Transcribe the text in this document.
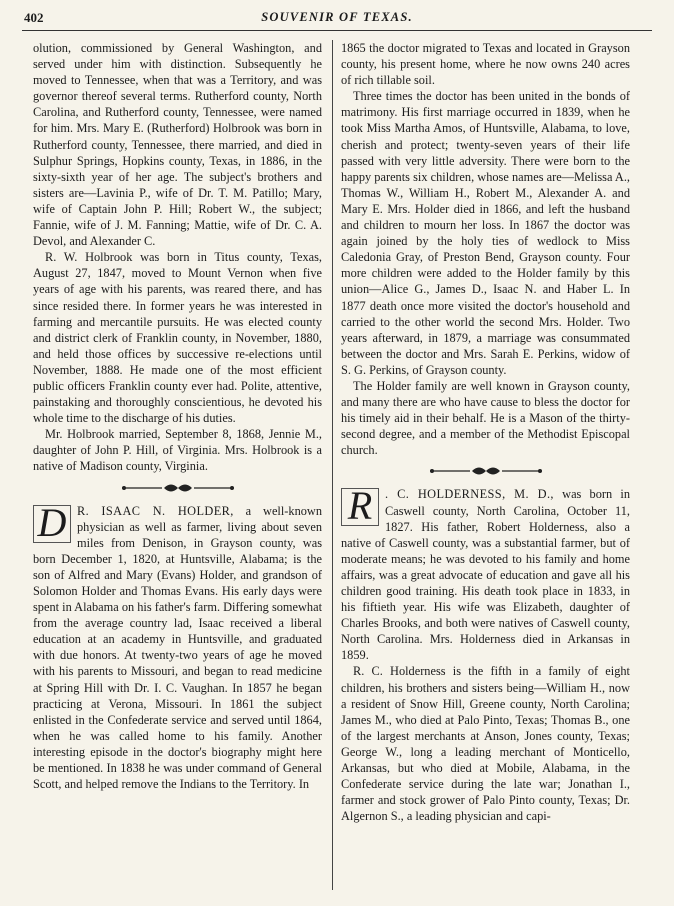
402	SOUVENIR OF TEXAS.

olution, commissioned by General Washington, and served under him with distinction. Subsequently he moved to Tennessee, when that was a Territory, and was governor thereof several terms. Rutherford county, North Carolina, and Rutherford county, Tennessee, were named for him. Mrs. Mary E. (Rutherford) Holbrook was born in Rutherford county, Tennessee, there married, and died in Sulphur Springs, Hopkins county, Texas, in 1886, in the sixty-sixth year of her age. The subject's brothers and sisters are—Lavinia P., wife of Dr. T. M. Patillo; Mary, wife of Captain John P. Hill; Robert W., the subject; Fannie, wife of J. M. Fanning; Mattie, wife of Dr. C. A. Devol, and Alexander C.

R. W. Holbrook was born in Titus county, Texas, August 27, 1847, moved to Mount Vernon when five years of age with his parents, was reared there, and has since resided there. In former years he was interested in farming and mercantile pursuits. He was elected county and district clerk of Franklin county, in November, 1880, and held those offices by successive re-elections until November, 1888. He made one of the most efficient public officers Franklin county ever had. Polite, attentive, painstaking and thoroughly conscientious, he devoted his whole time to the discharge of his duties.

Mr. Holbrook married, September 8, 1868, Jennie M., daughter of John P. Hill, of Virginia. Mrs. Holbrook is a native of Madison county, Virginia.

D R. ISAAC N. HOLDER, a well-known physician as well as farmer, living about seven miles from Denison, in Grayson county, was born December 1, 1820, at Huntsville, Alabama; is the son of Alfred and Mary (Evans) Holder, and grandson of Solomon Holder and Thomas Evans. His early days were spent in Alabama on his father's farm. Differing somewhat from the average country lad, Isaac received a liberal education at an academy in Huntsville, and graduated with due honors. At twenty-two years of age he moved with his parents to Missouri, and began to read medicine at Spring Hill with Dr. I. C. Vaughan. In 1857 he began practicing at Verona, Missouri. In 1861 the subject enlisted in the Confederate service and served until 1864, when he was called home to his family. Another interesting episode in the doctor's biography might here be mentioned. In 1838 he was under command of General Scott, and helped remove the Indians to the Territory. In

1865 the doctor migrated to Texas and located in Grayson county, his present home, where he now owns 240 acres of rich tillable soil.

Three times the doctor has been united in the bonds of matrimony. His first marriage occurred in 1839, when he took Miss Martha Amos, of Huntsville, Alabama, to love, cherish and protect; twenty-seven years of their life passed with very little adversity. There were born to the happy parents six children, whose names are—Melissa A., Thomas W., William H., Robert M., Alexander A. and Mary E. Mrs. Holder died in 1866, and left the husband and children to mourn her loss. In 1867 the doctor was again joined by the holy ties of wedlock to Miss Caledonia Gray, of Preston Bend, Grayson county. Four more children were added to the Holder family by this union—Alice G., James D., Isaac N. and Haber L. In 1877 death once more visited the doctor's household and carried to the other world the second Mrs. Holder. Two years afterward, in 1879, a marriage was consummated between the doctor and Mrs. Sarah E. Perkins, widow of S. G. Perkins, of Grayson county.

The Holder family are well known in Grayson county, and many there are who have cause to bless the doctor for his timely aid in their behalf. He is a Mason of the thirty-second degree, and a member of the Methodist Episcopal church.

R	. C. HOLDERNESS, M. D., was born in Caswell county, North Carolina, October 11, 1827. His father, Robert Holderness, also a native of Caswell county, was a substantial farmer, but of moderate means; he was devoted to his family and home affairs, was a great advocate of education and gave all his children good training. His death took place in 1833, in his fiftieth year. His wife was Elizabeth, daughter of Charles Brooks, and both were natives of Caswell county, North Carolina. Mrs. Holderness died in Arkansas in 1859.

R. C. Holderness is the fifth in a family of eight children, his brothers and sisters being—William H., now a resident of Snow Hill, Greene county, North Carolina; James M., who died at Palo Pinto, Texas; Thomas B., one of the largest merchants at Anson, Jones county, Texas; George W., long a leading merchant of Monticello, Arkansas, but who died at Mobile, Alabama, in the Confederate service during the late war; Jonathan I., farmer and stock grower of Palo Pinto county, Texas; Dr. Algernon S., a leading physician and capi-
